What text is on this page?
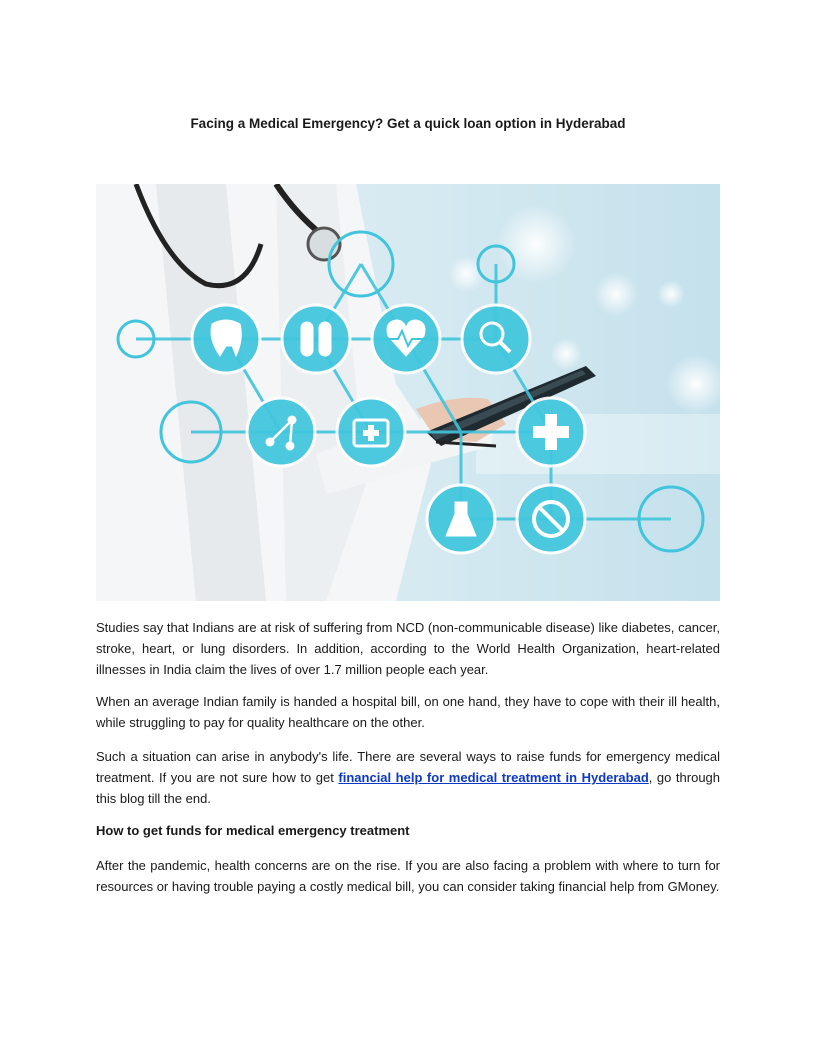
Facing a Medical Emergency? Get a quick loan option in Hyderabad

Studies say that Indians are at risk of suffering from NCD (non-communicable disease) like diabetes, cancer, stroke, heart, or lung disorders. In addition, according to the World Health Organization, heart-related illnesses in India claim the lives of over 1.7 million people each year.

When an average Indian family is handed a hospital bill, on one hand, they have to cope with their ill health, while struggling to pay for quality healthcare on the other.

Such a situation can arise in anybody's life. There are several ways to raise funds for emergency medical treatment. If you are not sure how to get financial help for medical treatment in Hyderabad, go through this blog till the end.

How to get funds for medical emergency treatment

After the pandemic, health concerns are on the rise. If you are also facing a problem with where to turn for resources or having trouble paying a costly medical bill, you can consider taking financial help from GMoney.
